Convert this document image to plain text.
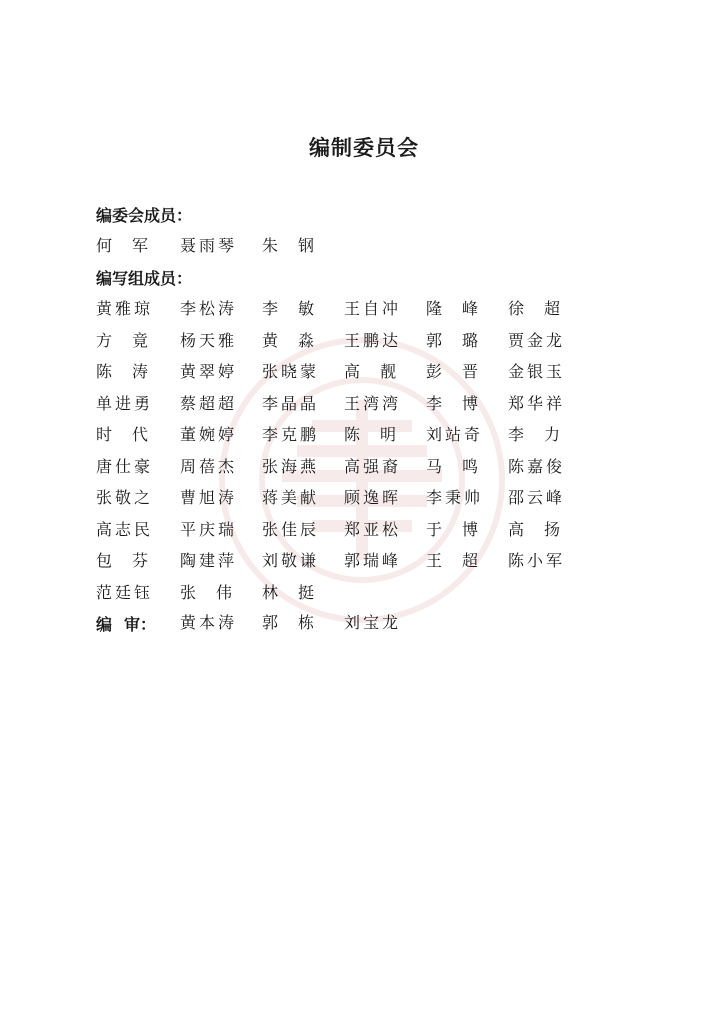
编制委员会
编委会成员：
何 军 聂 雨 琴 朱 钢
编写组成员：
黄 雅 琼 李 松 涛 李 敏 王 自 冲 隆 峰 徐 超
方 竟 杨 天 雅 黄 淼 王 鹏 达 郭 璐 贾 金 龙
陈 涛 黄 翠 婷 张 晓 蒙 高 靓 彭 晋 金 银 玉
单 进 勇 蔡 超 超 李 晶 晶 王 湾 湾 李 博 郑 华 祥
时 代 董 婉 婷 李 克 鹏 陈 明 刘 站 奇 李 力
唐 仕 豪 周 蓓 杰 张 海 燕 高 强 裔 马 鸣 陈 嘉 俊
张 敬 之 曹 旭 涛 蒋 美 献 顾 逸 晖 李 秉 帅 邵 云 峰
高 志 民 平 庆 瑞 张 佳 辰 郑 亚 松 于 博 高 扬
包 芬 陶 建 萍 刘 敬 谦 郭 瑞 峰 王 超 陈 小 军
范 廷 钰 张 伟 林 挺
编 审： 黄 本 涛 郭 栋 刘 宝 龙
